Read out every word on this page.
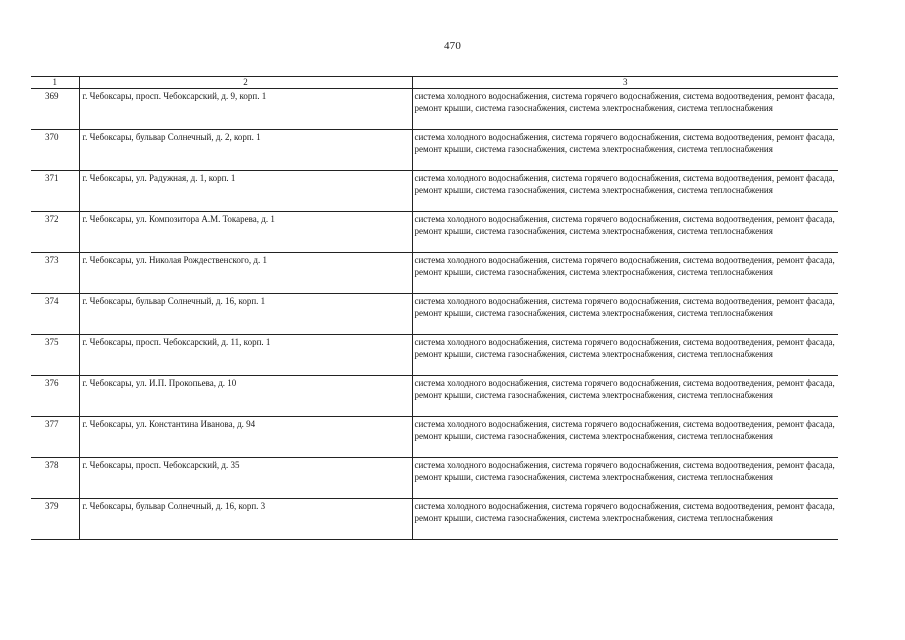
470
1	2	3
369	г. Чебоксары, просп. Чебоксарский, д. 9, корп. 1	система холодного водоснабжения, система горячего водоснабжения, система водоотведения, ремонт фасада, ремонт крыши, система газоснабжения, система электроснабжения, система теплоснабжения
370	г. Чебоксары, бульвар Солнечный, д. 2, корп. 1	система холодного водоснабжения, система горячего водоснабжения, система водоотведения, ремонт фасада, ремонт крыши, система газоснабжения, система электроснабжения, система теплоснабжения
371	г. Чебоксары, ул. Радужная, д. 1, корп. 1	система холодного водоснабжения, система горячего водоснабжения, система водоотведения, ремонт фасада, ремонт крыши, система газоснабжения, система электроснабжения, система теплоснабжения
372	г. Чебоксары, ул. Композитора А.М. Токарева, д. 1	система холодного водоснабжения, система горячего водоснабжения, система водоотведения, ремонт фасада, ремонт крыши, система газоснабжения, система электроснабжения, система теплоснабжения
373	г. Чебоксары, ул. Николая Рождественского, д. 1	система холодного водоснабжения, система горячего водоснабжения, система водоотведения, ремонт фасада, ремонт крыши, система газоснабжения, система электроснабжения, система теплоснабжения
374	г. Чебоксары, бульвар Солнечный, д. 16, корп. 1	система холодного водоснабжения, система горячего водоснабжения, система водоотведения, ремонт фасада, ремонт крыши, система газоснабжения, система электроснабжения, система теплоснабжения
375	г. Чебоксары, просп. Чебоксарский, д. 11, корп. 1	система холодного водоснабжения, система горячего водоснабжения, система водоотведения, ремонт фасада, ремонт крыши, система газоснабжения, система электроснабжения, система теплоснабжения
376	г. Чебоксары, ул. И.П. Прокопьева, д. 10	система холодного водоснабжения, система горячего водоснабжения, система водоотведения, ремонт фасада, ремонт крыши, система газоснабжения, система электроснабжения, система теплоснабжения
377	г. Чебоксары, ул. Константина Иванова, д. 94	система холодного водоснабжения, система горячего водоснабжения, система водоотведения, ремонт фасада, ремонт крыши, система газоснабжения, система электроснабжения, система теплоснабжения
378	г. Чебоксары, просп. Чебоксарский, д. 35	система холодного водоснабжения, система горячего водоснабжения, система водоотведения, ремонт фасада, ремонт крыши, система газоснабжения, система электроснабжения, система теплоснабжения
379	г. Чебоксары, бульвар Солнечный, д. 16, корп. 3	система холодного водоснабжения, система горячего водоснабжения, система водоотведения, ремонт фасада, ремонт крыши, система газоснабжения, система электроснабжения, система теплоснабжения
